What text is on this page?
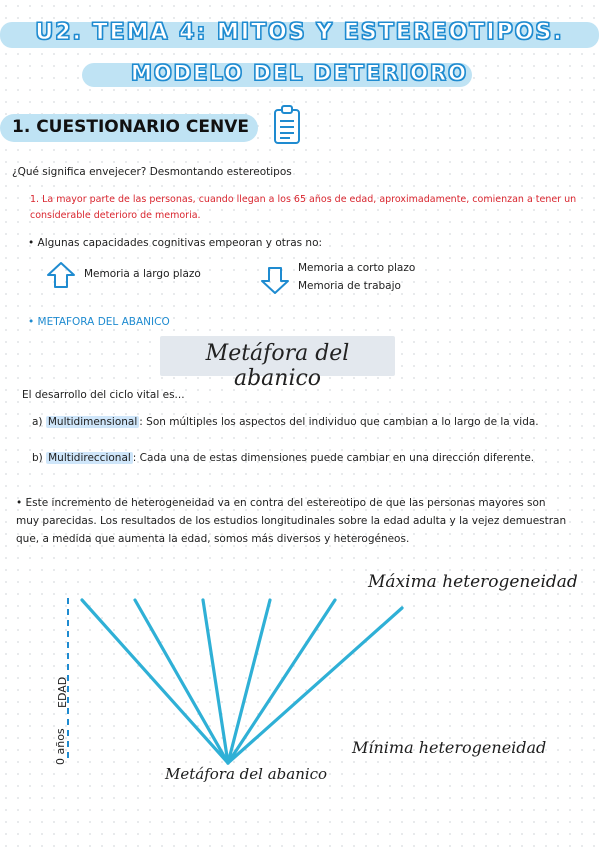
U2. TEMA 4: MITOS Y ESTEREOTIPOS.
MODELO DEL DETERIORO
1. CUESTIONARIO CENVE
¿Qué significa envejecer? Desmontando estereotipos
1. La mayor parte de las personas, cuando llegan a los 65 años de edad, aproximadamente, comienzan a tener un considerable deterioro de memoria.
• Algunas capacidades cognitivas empeoran y otras no:
Memoria a largo plazo	Memoria a corto plazo
Memoria de trabajo
• METAFORA DEL ABANICO
Metáfora del abanico
El desarrollo del ciclo vital es...
a) Multidimensional : Son múltiples los aspectos del individuo que cambian a lo largo de la vida.
b) Multidireccional : Cada una de estas dimensiones puede cambiar en una dirección diferente.
• Este incremento de heterogeneidad va en contra del estereotipo de que las personas mayores son muy parecidas. Los resultados de los estudios longitudinales sobre la edad adulta y la vejez demuestran que, a medida que aumenta la edad, somos más diversos y heterogéneos.
Máxima heterogeneidad
Mínima heterogeneidad
Metáfora del abanico
EDAD
0 años
